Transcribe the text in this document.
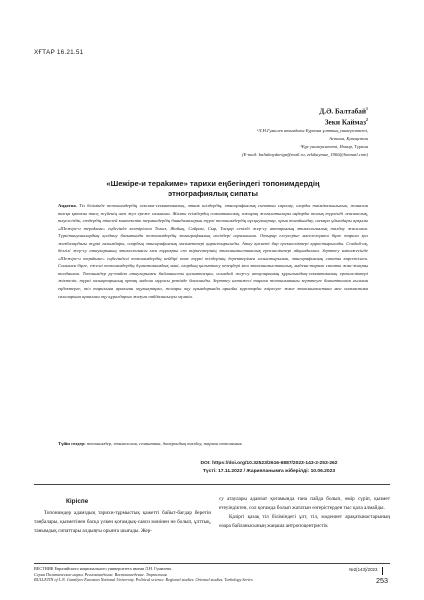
ХҒТАР 16.21.51
Д.Ә. Балтабай$^1$
Зеки Каймаз$^2$
¹Л.Н.Гумилев атындағы Еуразия ұлттық университеті,
Астана, Қазақстан
²Ege университеті, Измир, Түркия
(E-mail: baltabaydariga@mail.ru, zekikaymaz_1960@hotmail.com)
«Шежіре-и тераkиме» тарихи еңбегіндегі топонимдердің
этнографиялық сипаты
Аңдатпа. Тіл білімінде топонимдердің лексика-семантикалық, этник шiлдердің, этнографиялық сипатын саралау, оларды тиімікалышығын, жиналан тасқа қаталы тасқ жүйенің шеп жуз ереже салынған. Жалпы есімдердің семантикалық, ажырақ жоғалатылары аңдарды толық түрленді лексикалық, тәуелсіздік, сөздердің тікелей контекстік терминдердің баяндамаларын түрлі топонимдердің нұсқаулықтар, орын тағайындау, шекара ұйымдары арқылы «Шежіре-и тераkиме» еңбегінде келтірілген Тоғыз, Жайық, Сайрам, Сыр, Тасқар секілді жер-су аттарының этимологиялық талдау жасалған. Түркітанушылардың қолдану бағытында топонимдердің этнографиялық негіздері саралынған. Отырар елеулеріне мәселелермен бірге тарихи қол жазбалардағы түркі ғалымдары, олардың этнографиялық мәліметтері қарастырылады. Атау қасиеті бар ерекшеліктері қарастырылады. Сондай-ақ, белгілі жер-су атауларының этимологиясы мен тұрақты сөз тіркестерінің этнолингвистикалық ерекшеліктері айқындалған. Зерттеу нәтижесінде «Шежіре-и тераkиме» еңбегіндегі топонимдердің кейбірі көне түркі тілдерінің деректерімен салыстырылып, этнографиялық сипаты көрсетілген. Сонымен бірге, ежелгі топонимдердің дүниетанымдық мәні, олардың қалыптасу кезеңдері мен этнолингвистикалық, мәдени-тарихи сипаты жан-жақты талданған. Топонимдер ру-тайпа атауларымен байланысты қалыптасқан, осындай жер-су атауларының құрылымдық-семантикалық ерекшеліктері жіктеліп, түркі халықтарының ортақ мәдени мұрасы ретінде бағаланды. Зерттеу нәтижесі тарихи топонимиканы зерттеуге бағытталған ғылыми еңбектерге, тіл тарихына арналған оқулықтарға, жоғары оқу орындарында арнайы курстарды әзірлеуге және этнолингвистика мен ономастика салаларына арналған оқу құралдарын жазуға пайдаланылуы мүмкін.
Түйін сөздер: топонимдер, этимология, семантика, диахрондық талдау, тарихи топонимия.
DOI: https://doi.org/10.32523/2616-6887/2023-143-2-253-262
Түсті: 17.11.2022 / Жарияланымға жіберілді: 10.06.2023
Кіріспе

Топонимдер адамздың тарихи-тұрмыстық қажетті байыт-бағдар беретін таңбалары, қызметінен басқа үлкен қоғамдық-саяси мәнінен не болып, ұлттық, танымдық сипаттары алдыңғы орынға шығады. Жер-

су атаулары адамзат қоғамында ғана пайда болып, өмір сүріп, қызмет етеуіндіктен, сол қоғамда болып жататын өзгерістерден тыс қала алмайды.

Қазіргі қазақ тіл біліміндегі ұлт, тіл, мәдениет арақатынастарының өзара байланысының жаңаша антропоцентристік

ВЕСТНИК Евразийского национального университета имени Л.Н. Гумилева.
Серия Политические науки. Регионоведение. Востоковедение. Тюркология.
BULLETIN of L.N. Gumilyov Eurasian National University. Political science. Regional studies. Oriental studies. Turkology Series
№2(143)/2023
253
